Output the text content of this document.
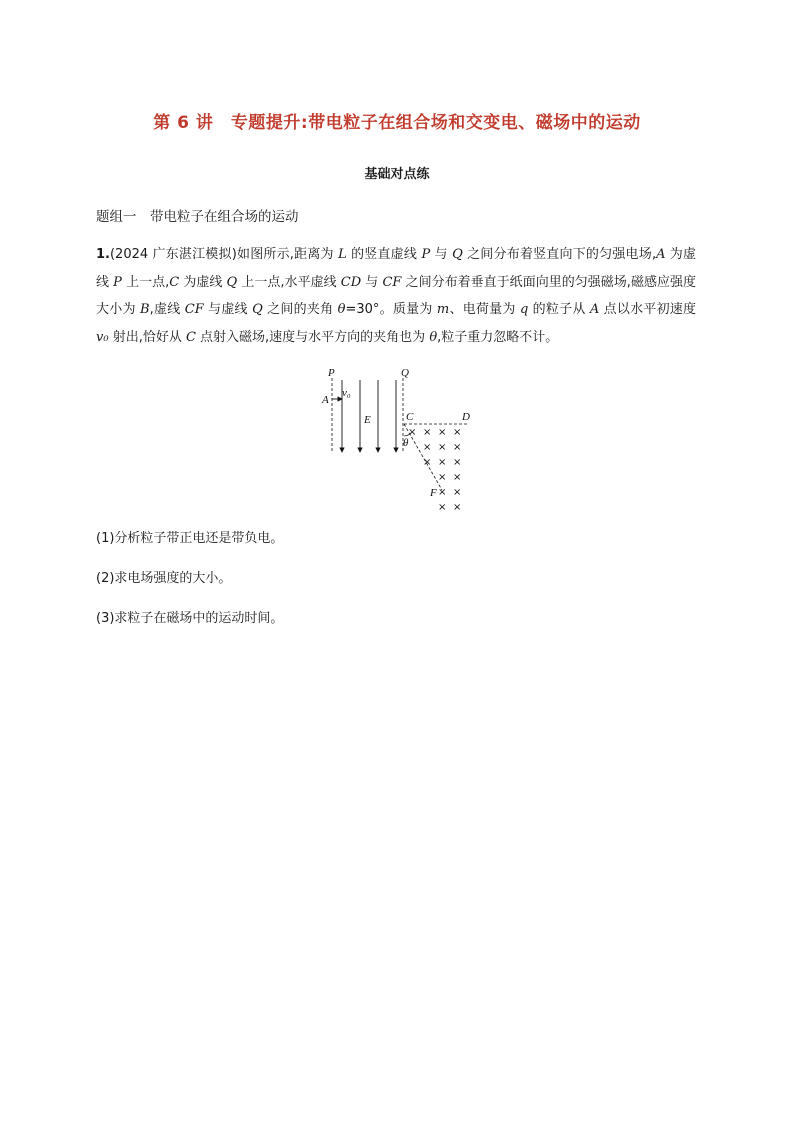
第 6 讲　专题提升:带电粒子在组合场和交变电、磁场中的运动
基础对点练
题组一　带电粒子在组合场的运动
1.(2024 广东湛江模拟)如图所示,距离为 L 的竖直虚线 P 与 Q 之间分布着竖直向下的匀强电场,A 为虚线 P 上一点,C 为虚线 Q 上一点,水平虚线 CD 与 CF 之间分布着垂直于纸面向里的匀强磁场,磁感应强度大小为 B,虚线 CF 与虚线 Q 之间的夹角 θ=30°。质量为 m、电荷量为 q 的粒子从 A 点以水平初速度 v₀ 射出,恰好从 C 点射入磁场,速度与水平方向的夹角也为 θ,粒子重力忽略不计。
P	Q
A
v₀
E	C	D
θ
F
× × × ×
× × ×
× × ×
× ×
× ×
× ×
(1)分析粒子带正电还是带负电。
(2)求电场强度的大小。
(3)求粒子在磁场中的运动时间。
